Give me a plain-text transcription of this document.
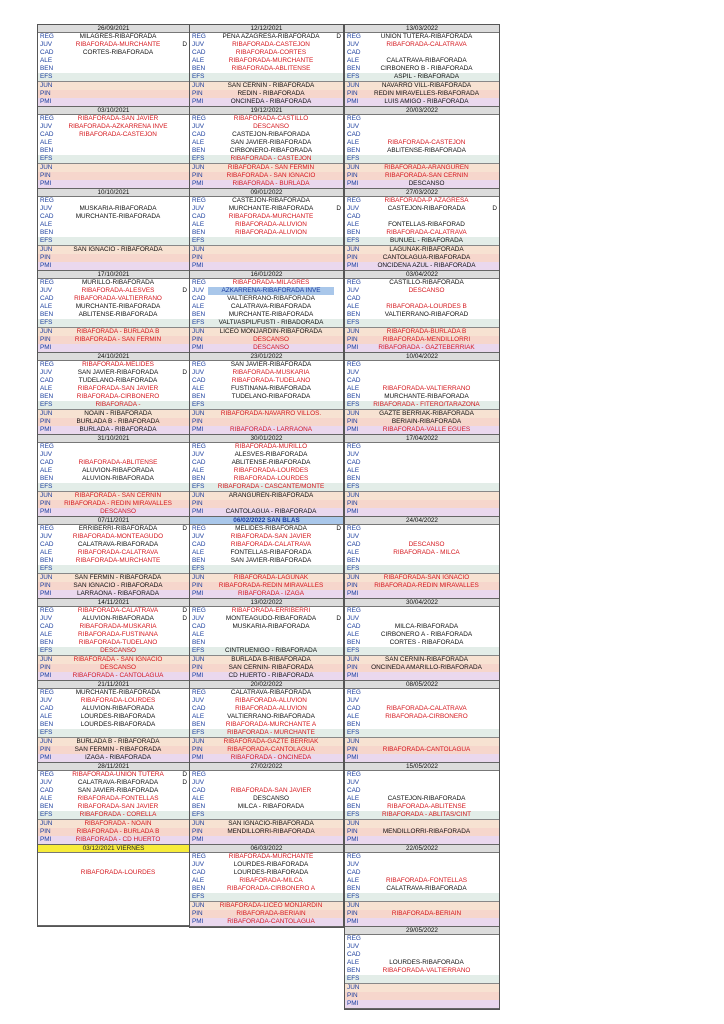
26/09/2021
REG	MILAGRES-RIBAFORADA
JUV	RIBAFORADA-MURCHANTE	D
CAD	CORTES-RIBAFORADA
ALE
BEN
EFS
JUN
PIN
PMI
03/10/2021
REG	RIBAFORADA-SAN JAVIER
JUV	RIBAFORADA-AZKARRENA INVE
CAD	RIBAFORADA-CASTEJON
ALE
BEN
EFS
JUN
PIN
PMI
10/10/2021
REG
JUV	MUSKARIA-RIBAFORADA
CAD	MURCHANTE-RIBAFORADA
ALE
BEN
EFS
JUN	SAN IGNACIO - RIBAFORADA
PIN
PMI
17/10/2021
REG	MURILLO-RIBAFORADA
JUV	RIBAFORADA-ALESVES	D
CAD	RIBAFORADA-VALTIERRANO
ALE	MURCHANTE-RIBAFORADA
BEN	ABLITENSE-RIBAFORADA
EFS
JUN	RIBAFORADA - BURLADA B
PIN	RIBAFORADA - SAN FERMIN
PMI
24/10/2021
REG	RIBAFORADA-MELIDES
JUV	SAN JAVIER-RIBAFORADA	D
CAD	TUDELANO-RIBAFORADA
ALE	RIBAFORADA-SAN JAVIER
BEN	RIBAFORADA-CIRBONERO
EFS	RIBAFORADA -
JUN	NOAIN - RIBAFORADA
PIN	BURLADA B - RIBAFORADA
PMI	BURLADA - RIBAFORADA
31/10/2021
REG
JUV
CAD	RIBAFORADA-ABLITENSE
ALE	ALUVION-RIBAFORADA
BEN	ALUVION-RIBAFORADA
EFS
JUN	RIBAFORADA - SAN CERNIN
PIN	RIBAFORADA - REDIN MIRAVALLES
PMI	DESCANSO
07/11/2021
REG	ERRIBERRI-RIBAFORADA	D
JUV	RIBAFORADA-MONTEAGUDO
CAD	CALATRAVA-RIBAFORADA
ALE	RIBAFORADA-CALATRAVA
BEN	RIBAFORADA-MURCHANTE
EFS
JUN	SAN FERMIN - RIBAFORADA
PIN	SAN IGNACIO - RIBAFORADA
PMI	LARRAONA - RIBAFORADA
14/11/2021
REG	RIBAFORADA-CALATRAVA	D
JUV	ALUVION-RIBAFORADA	D
CAD	RIBAFORADA-MUSKARIA
ALE	RIBAFORADA-FUSTIÑANA
BEN	RIBAFORADA-TUDELANO
EFS	DESCANSO
JUN	RIBAFORADA - SAN IGNACIO
PIN	DESCANSO
PMI	RIBAFORADA - CANTOLAGUA
21/11/2021
REG	MURCHANTE-RIBAFORADA
JUV	RIBAFORADA-LOURDES
CAD	ALUVION-RIBAFORADA
ALE	LOURDES-RIBAFORADA
BEN	LOURDES-RIBAFORADA
EFS
JUN	BURLADA B - RIBAFORADA
PIN	SAN FERMIN - RIBAFORADA
PMI	IZAGA - RIBAFORADA
28/11/2021
REG	RIBAFORADA-UNION TUTERA	D
JUV	CALATRAVA-RIBAFORADA	D
CAD	SAN JAVIER-RIBAFORADA
ALE	RIBAFORADA-FONTELLAS
BEN	RIBAFORADA-SAN JAVIER
EFS	RIBAFORADA - CORELLA
JUN	RIBAFORADA - NOAIN
PIN	RIBAFORADA - BURLADA B
PMI	RIBAFORADA - CD HUERTO
03/12/2021 VIERNES
RIBAFORADA-LOURDES
12/12/2021
REG	PEÑA AZAGRESA-RIBAFORADA	D
JUV	RIBAFORADA-CASTEJON
CAD	RIBAFORADA-CORTES
ALE	RIBAFORADA-MURCHANTE
BEN	RIBAFORADA-ABLITENSE
EFS
JUN	SAN CERNIN - RIBAFORADA
PIN	REDIN - RIBAFORADA
PMI	ONCINEDA - RIBAFORADA
19/12/2021
REG	RIBAFORADA-CASTILLO
JUV	DESCANSO
CAD	CASTEJON-RIBAFORADA
ALE	SAN JAVIER-RIBAFORADA
BEN	CIRBONERO-RIBAFORADA
EFS	RIBAFORADA - CASTEJON
JUN	RIBAFORADA - SAN FERMIN
PIN	RIBAFORADA - SAN IGNACIO
PMI	RIBAFORADA - BURLADA
09/01/2022
REG	CASTEJON-RIBAFORADA
JUV	MURCHANTE-RIBAFORADA	D
CAD	RIBAFORADA-MURCHANTE
ALE	RIBAFORADA-ALUVION
BEN	RIBAFORADA-ALUVION
EFS
JUN
PIN
PMI
16/01/2022
REG	RIBAFORADA-MILAGRES
JUV	AZKARRENA-RIBAFORADA INVE
CAD	VALTIERRANO-RIBAFORADA
ALE	CALATRAVA-RIBAFORADA
BEN	MURCHANTE-RIBAFORADA
EFS	VALTI/ASPIL/FUSTI - RIBADORADA
JUN	LICEO MONJARDIN-RIBAFORADA
PIN	DESCANSO
PMI	DESCANSO
23/01/2022
REG	SAN JAVIER-RIBAFORADA
JUV	RIBAFORADA-MUSKARIA
CAD	RIBAFORADA-TUDELANO
ALE	FUSTIÑANA-RIBAFORADA
BEN	TUDELANO-RIBAFORADA
EFS
JUN	RIBAFORADA-NAVARRO VILLOS.
PIN
PMI	RIBAFORADA - LARRAONA
30/01/2022
REG	RIBAFORADA-MURILLO
JUV	ALESVES-RIBAFORADA
CAD	ABLITENSE-RIBAFORADA
ALE	RIBAFORADA-LOURDES
BEN	RIBAFORADA-LOURDES
EFS	RIBAFORADA - CASCANTE/MONTE
JUN	ARANGUREN-RIBAFORADA
PIN
PMI	CANTOLAGUA - RIBAFORADA
06/02/2022 SAN BLAS
REG	MELIDES-RIBAFORADA	D
JUV	RIBAFORADA-SAN JAVIER
CAD	RIBAFORADA-CALATRAVA
ALE	FONTELLAS-RIBAFORADA
BEN	SAN JAVIER-RIBAFORADA
EFS
JUN	RIBAFORADA-LAGUNAK
PIN	RIBAFORADA-REDIN MIRAVALLES
PMI	RIBAFORADA - IZAGA
13/02/2022
REG	RIBAFORADA-ERRIBERRI
JUV	MONTEAGUDO-RIBAFORADA	D
CAD	MUSKARIA-RIBAFORADA
ALE
BEN
EFS	CINTRUENIGO - RIBAFORADA
JUN	BURLADA B-RIBAFORADA
PIN	SAN CERNIN- RIBAFORADA
PMI	CD HUERTO - RIBAFORADA
20/02/2022
REG	CALATRAVA-RIBAFORADA
JUV	RIBAFORADA-ALUVION
CAD	RIBAFORADA-ALUVION
ALE	VALTIERRANO-RIBAFORADA
BEN	RIBAFORADA-MURCHANTE A
EFS	RIBAFORADA - MURCHANTE
JUN	RIBAFORADA-GAZTE BERRIAK
PIN	RIBAFORADA-CANTOLAGUA
PMI	RIBAFORADA - ONCINEDA
27/02/2022
REG
JUV
CAD	RIBAFORADA-SAN JAVIER
ALE	DESCANSO
BEN	MILCA - RIBAFORADA
EFS
JUN	SAN IGNACIO-RIBAFORADA
PIN	MENDILLORRI-RIBAFORADA
PMI
06/03/2022
REG	RIBAFORADA-MURCHANTE
JUV	LOURDES-RIBAFORADA
CAD	LOURDES-RIBAFORADA
ALE	RIBAFORADA-MILCA
BEN	RIBAFORADA-CIRBONERO A
EFS
JUN	RIBAFORADA-LICEO MONJARDIN
PIN	RIBAFORADA-BERIAIN
PMI	RIBAFORADA-CANTOLAGUA
13/03/2022
REG	UNION TUTERA-RIBAFORADA
JUV	RIBAFORADA-CALATRAVA
CAD
ALE	CALATRAVA-RIBAFORADA
BEN	CIRBONERO B - RIBAFORADA
EFS	ASPIL - RIBAFORADA
JUN	NAVARRO VILL-RIBAFORADA
PIN	REDIN MIRAVELLES-RIBAFORADA
PMI	LUIS AMIGO - RIBAFORADA
20/03/2022
REG
JUV
CAD
ALE	RIBAFORADA-CASTEJON
BEN	ABLITENSE-RIBAFORADA
EFS
JUN	RIBAFORADA-ARANGUREN
PIN	RIBAFORADA-SAN CERNIN
PMI	DESCANSO
27/03/2022
REG	RIBAFORADA-P AZAGRESA
JUV	CASTEJON-RIBAFORADA	D
CAD
ALE	FONTELLAS-RIBAFORAD
BEN	RIBAFORADA-CALATRAVA
EFS	BUÑUEL - RIBAFORADA
JUN	LAGUNAK-RIBAFORADA
PIN	CANTOLAGUA-RIBAFORADA
PMI	ONCIDENA AZUL - RIBAFORADA
03/04/2022
REG	CASTILLO-RIBAFORADA
JUV	DESCANSO
CAD
ALE	RIBAFORADA-LOURDES B
BEN	VALTIERRANO-RIBAFORAD
EFS
JUN	RIBAFORADA-BURLADA B
PIN	RIBAFORADA-MENDILLORRI
PMI	RIBAFORADA - GAZTEBERRIAK
10/04/2022
REG
JUV
CAD
ALE	RIBAFORADA-VALTIERRANO
BEN	MURCHANTE-RIBAFORADA
EFS	RIBAFORADA - FITERO/TARAZONA
JUN	GAZTE BERRIAK-RIBAFORADA
PIN	BERIAIN-RIBAFORADA
PMI	RIBAFORADA-VALLE EGÜES
17/04/2022
REG
JUV
CAD
ALE
BEN
EFS
JUN
PIN
PMI
24/04/2022
REG
JUV
CAD	DESCANSO
ALE	RIBAFORADA - MILCA
BEN
EFS
JUN	RIBAFORADA-SAN IGNACIO
PIN	RIBAFORADA-REDIN MIRAVALLES
PMI
30/04/2022
REG
JUV
CAD	MILCA-RIBAFORADA
ALE	CIRBONERO A - RIBAFORADA
BEN	CORTES - RIBAFORADA
EFS
JUN	SAN CERNIN-RIBAFORADA
PIN	ONCINEDA AMARILLO-RIBAFORADA
PMI
08/05/2022
REG
JUV
CAD	RIBAFORADA-CALATRAVA
ALE	RIBAFORADA-CIRBONERO
BEN
EFS
JUN
PIN	RIBAFORADA-CANTOLAGUA
PMI
15/05/2022
REG
JUV
CAD
ALE	CASTEJON-RIBAFORADA
BEN	RIBAFORADA-ABLITENSE
EFS	RIBAFORADA - ABLITAS/CINT
JUN
PIN	MENDILLORRI-RIBAFORADA
PMI
22/05/2022
REG
JUV
CAD
ALE	RIBAFORADA-FONTELLAS
BEN	CALATRAVA-RIBAFORADA
EFS
JUN
PIN	RIBAFORADA-BERIAIN
PMI
29/05/2022
REG
JUV
CAD
ALE	LOURDES-RIBAFORADA
BEN	RIBAFORADA-VALTIERRANO
EFS
JUN
PIN
PMI
